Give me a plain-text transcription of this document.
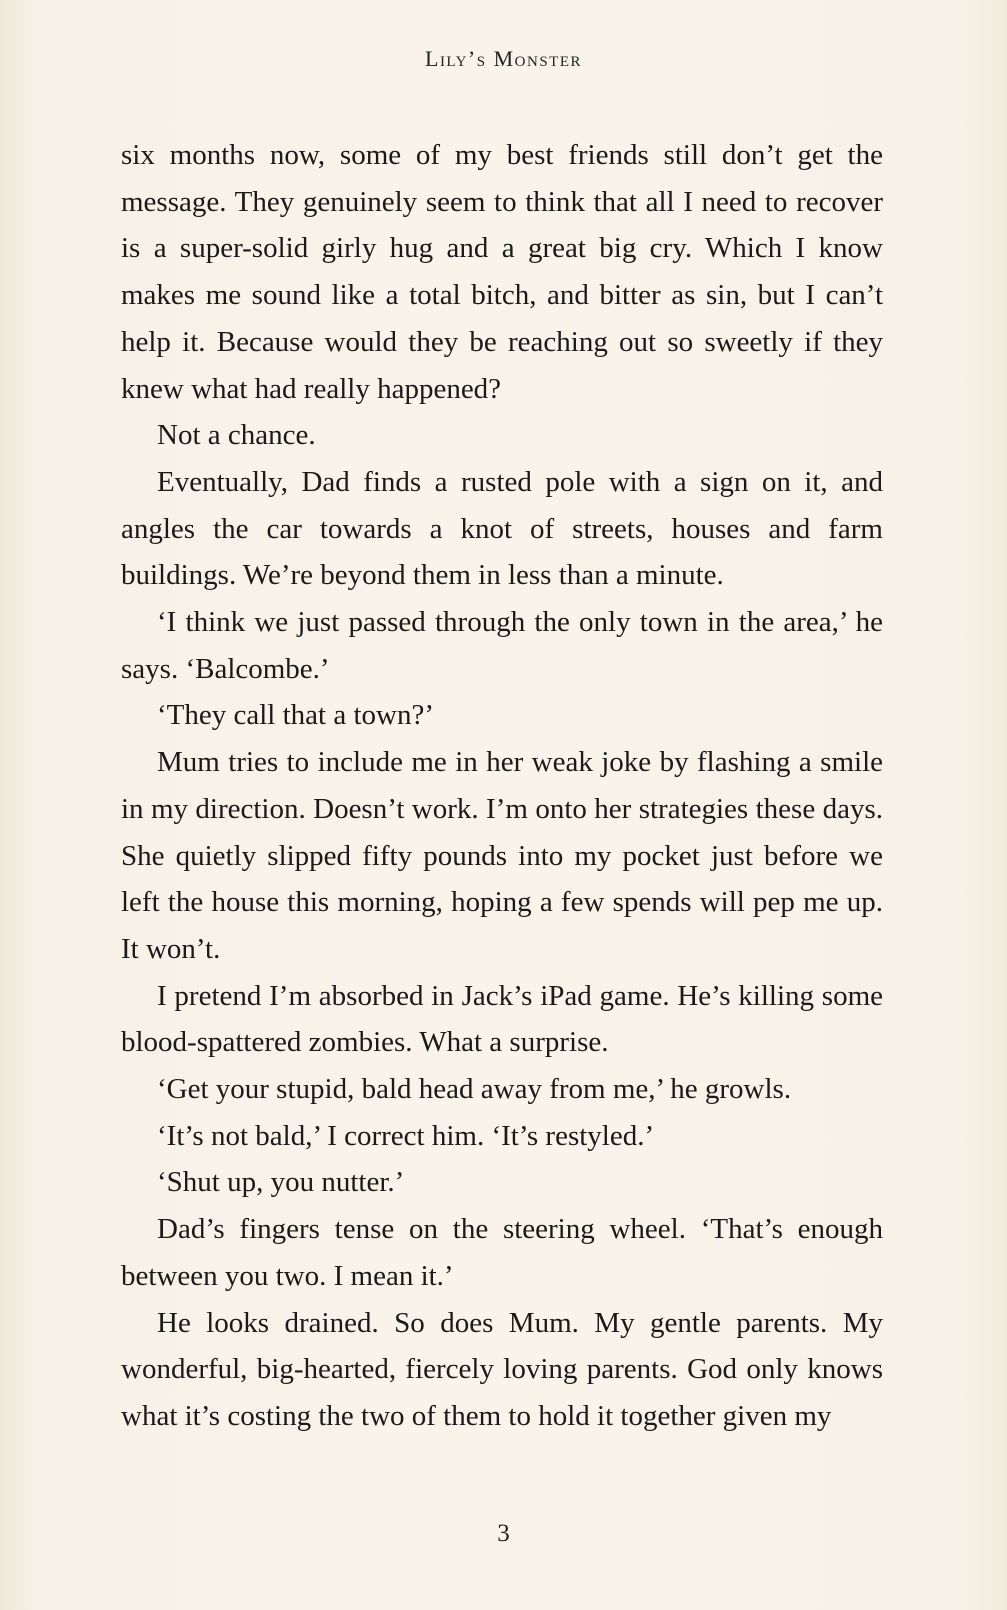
Lily’s Monster

six months now, some of my best friends still don’t get the message. They genuinely seem to think that all I need to recover is a super-solid girly hug and a great big cry. Which I know makes me sound like a total bitch, and bitter as sin, but I can’t help it. Because would they be reaching out so sweetly if they knew what had really happened?

Not a chance.

Eventually, Dad finds a rusted pole with a sign on it, and angles the car towards a knot of streets, houses and farm buildings. We’re beyond them in less than a minute.

‘I think we just passed through the only town in the area,’ he says. ‘Balcombe.’

‘They call that a town?’

Mum tries to include me in her weak joke by flashing a smile in my direction. Doesn’t work. I’m onto her strategies these days. She quietly slipped fifty pounds into my pocket just before we left the house this morning, hoping a few spends will pep me up. It won’t.

I pretend I’m absorbed in Jack’s iPad game. He’s killing some blood-spattered zombies. What a surprise.

‘Get your stupid, bald head away from me,’ he growls.

‘It’s not bald,’ I correct him. ‘It’s restyled.’

‘Shut up, you nutter.’

Dad’s fingers tense on the steering wheel. ‘That’s enough between you two. I mean it.’

He looks drained. So does Mum. My gentle parents. My wonderful, big-hearted, fiercely loving parents. God only knows what it’s costing the two of them to hold it together given my

3
